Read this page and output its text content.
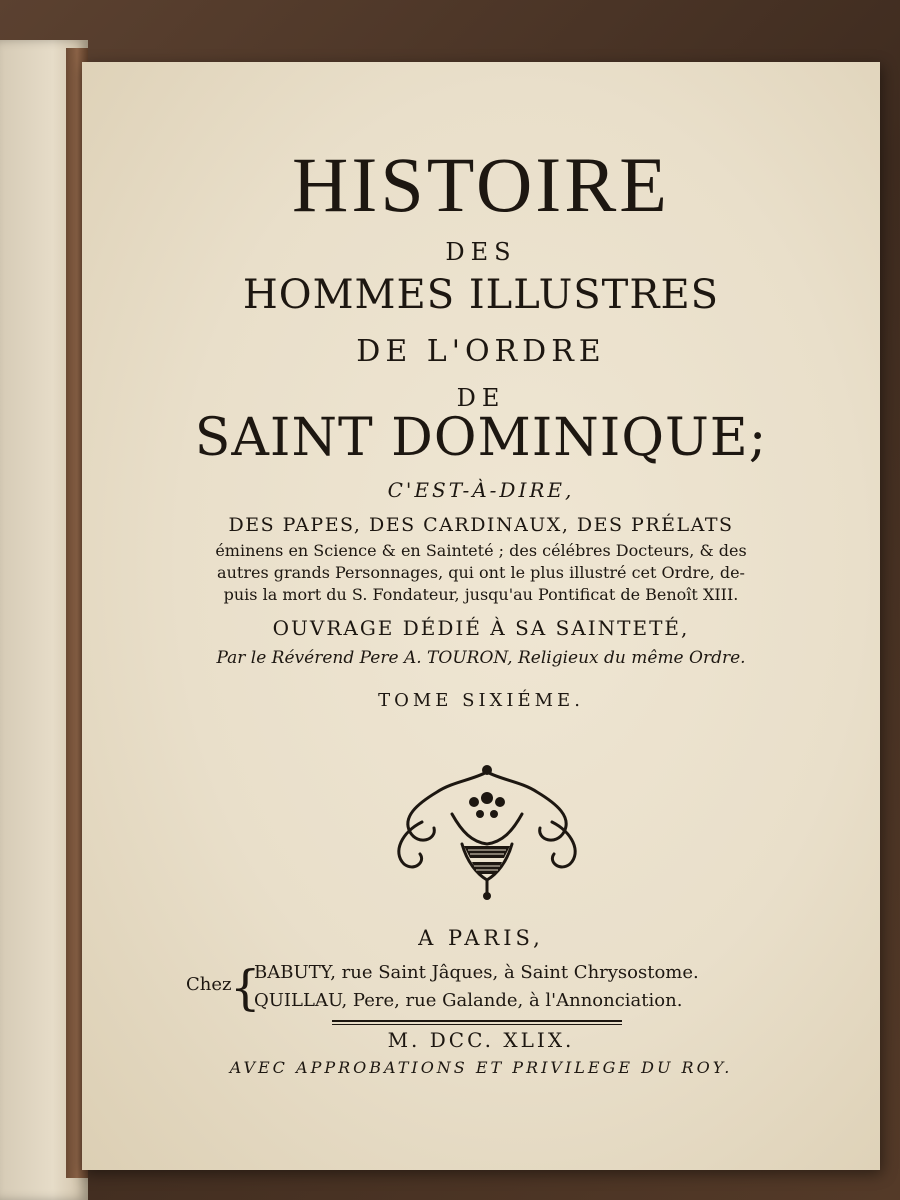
HISTOIRE
DES
HOMMES ILLUSTRES
DE L'ORDRE
DE
SAINT DOMINIQUE;
C'EST-À-DIRE,
DES PAPES, DES CARDINAUX, DES PRÉLATS
éminens en Science & en Sainteté ; des célébres Docteurs, & des
autres grands Personnages, qui ont le plus illustré cet Ordre, de-
puis la mort du S. Fondateur, jusqu'au Pontificat de Benoît XIII.
OUVRAGE DÉDIÉ À SA SAINTETÉ,
Par le Révérend Pere A. TOURON, Religieux du même Ordre.
TOME SIXIÉME.
A PARIS,
Chez
{
BABUTY, rue Saint Jâques, à Saint Chrysostome.
QUILLAU, Pere, rue Galande, à l'Annonciation.
M. DCC. XLIX.
AVEC APPROBATIONS ET PRIVILEGE DU ROY.
